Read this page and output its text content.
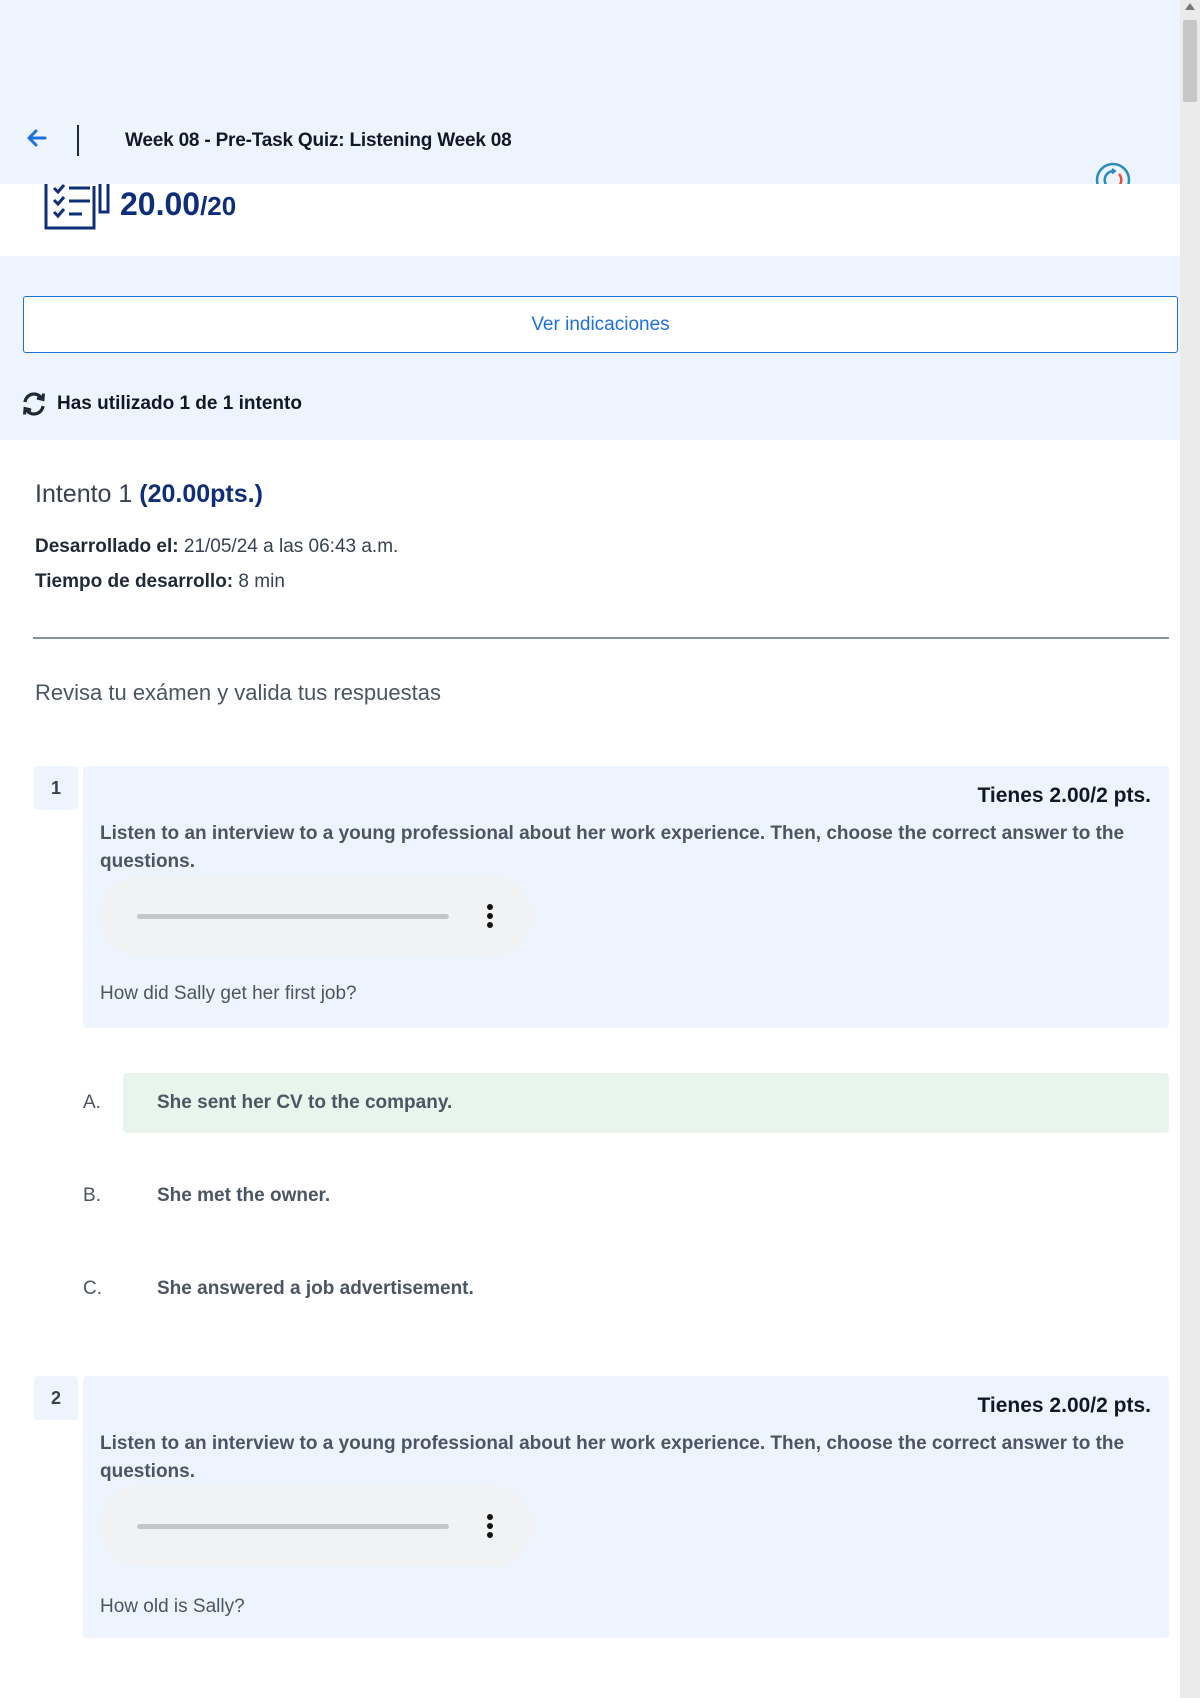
Week 08 - Pre-Task Quiz: Listening Week 08
20.00/20
Ver indicaciones
Has utilizado 1 de 1 intento
Intento 1 (20.00pts.)
Desarrollado el: 21/05/24 a las 06:43 a.m.
Tiempo de desarrollo: 8 min
Revisa tu exámen y valida tus respuestas
1	Tienes 2.00/2 pts.
Listen to an interview to a young professional about her work experience. Then, choose the correct answer to the questions.
How did Sally get her first job?
A.	She sent her CV to the company.
B.	She met the owner.
C.	She answered a job advertisement.
2	Tienes 2.00/2 pts.
Listen to an interview to a young professional about her work experience. Then, choose the correct answer to the questions.
How old is Sally?
